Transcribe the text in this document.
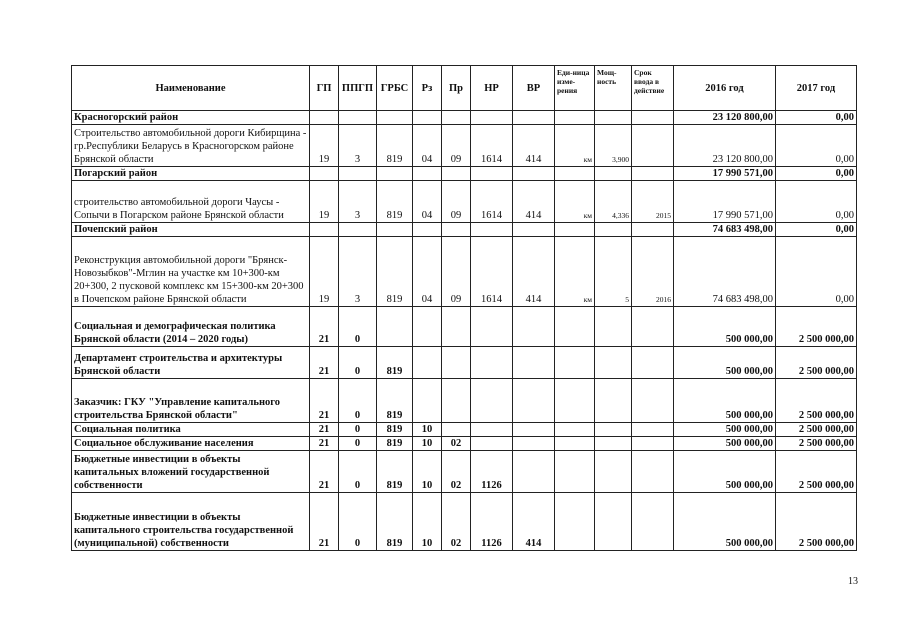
Наименование	ГП	ППГП	ГРБС	Рз	Пр	НР	ВР	Еди-ница изме-рения	Мощ-ность	Срок ввода в действие	2016 год	2017 год
Красногорский район											23 120 800,00	0,00
Строительство автомобильной дороги Кибирщина - гр.Республики Беларусь в Красногорском районе Брянской области	19	3	819	04	09	1614	414	км	3,900		23 120 800,00	0,00
Погарский район											17 990 571,00	0,00
строительство автомобильной дороги Чаусы - Сопычи в Погарском районе Брянской области	19	3	819	04	09	1614	414	км	4,336	2015	17 990 571,00	0,00
Почепский район											74 683 498,00	0,00
Реконструкция автомобильной дороги "Брянск-Новозыбков"-Мглин на участке км 10+300-км 20+300, 2 пусковой комплекс км 15+300-км 20+300 в Почепском районе Брянской области	19	3	819	04	09	1614	414	км	5	2016	74 683 498,00	0,00
Социальная и демографическая политика Брянской области (2014 – 2020 годы)	21	0									500 000,00	2 500 000,00
Департамент строительства и архитектуры Брянской области	21	0	819								500 000,00	2 500 000,00
Заказчик: ГКУ "Управление капитального строительства Брянской области"	21	0	819								500 000,00	2 500 000,00
Социальная политика	21	0	819	10							500 000,00	2 500 000,00
Социальное обслуживание населения	21	0	819	10	02						500 000,00	2 500 000,00
Бюджетные инвестиции в объекты капитальных вложений государственной собственности	21	0	819	10	02	1126					500 000,00	2 500 000,00
Бюджетные инвестиции в объекты капитального строительства государственной (муниципальной) собственности	21	0	819	10	02	1126	414				500 000,00	2 500 000,00
13
